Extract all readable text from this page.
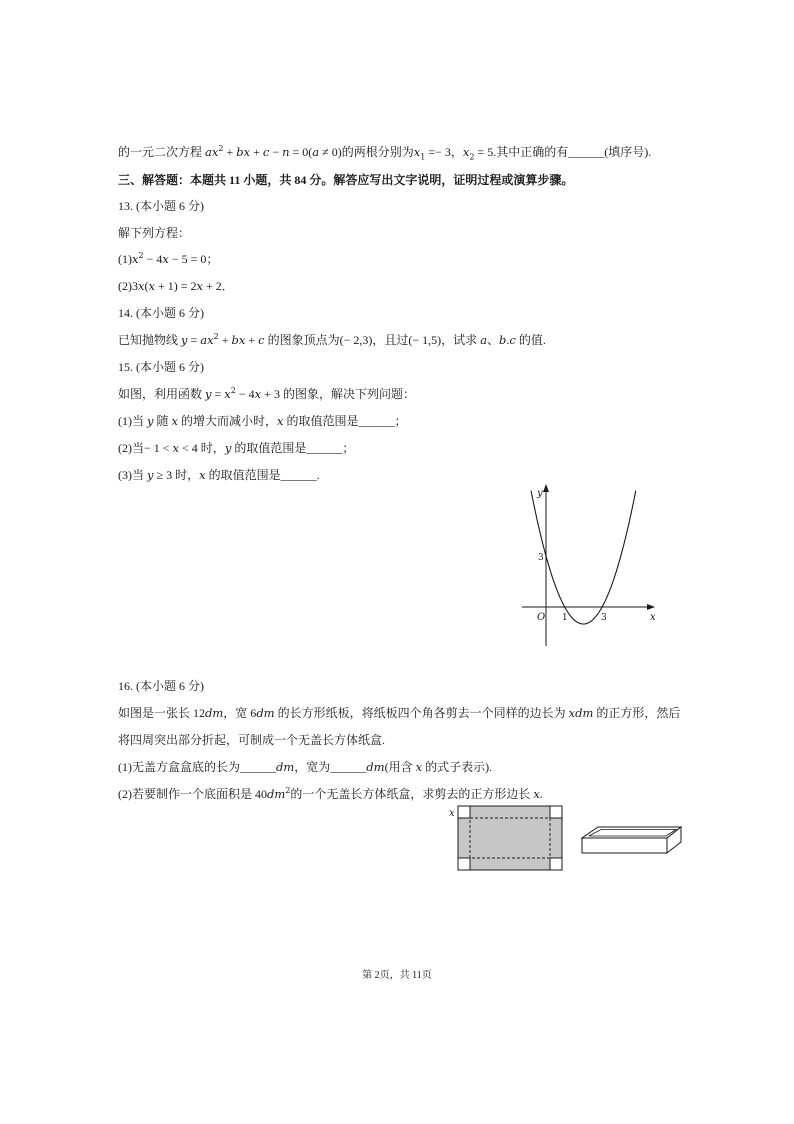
的一元二次方程 $ax^2$ + bx + c − n = 0(a ≠ 0)的两根分别为$x_1 =- 3$，$x_2 = 5$.其中正确的有______(填序号).
三、解答题：本题共 11 小题，共 84 分。解答应写出文字说明，证明过程或演算步骤。
13. (本小题 6 分)
解下列方程：
$(1)x^2 - 4x - 5 = 0$；
(2)3x(x + 1) = 2x + 2．
14. (本小题 6 分)
已知抛物线 $y = ax^2$ + bx + c 的图象顶点为(− 2,3)，且过(− 1,5)，试求 a、b.c 的值.
15. (本小题 6 分)
如图，利用函数 $y = x^2 - 4x + 3$ 的图象，解决下列问题：
(1)当 y 随 x 的增大而减小时，x 的取值范围是______；
(2)当− 1 < x < 4 时，y 的取值范围是______；
(3)当 y ≥ 3 时，x 的取值范围是______.
y
x
O 1	3
3
16. (本小题 6 分)
如图是一张长 12dm，宽 6dm 的长方形纸板，将纸板四个角各剪去一个同样的边长为 xdm 的正方形，然后
将四周突出部分折起，可制成一个无盖长方体纸盒.
(1)无盖方盒盒底的长为______dm，宽为______dm(用含 x 的式子表示).
(2)若要制作一个底面积是 $40dm^2$的一个无盖长方体纸盒，求剪去的正方形边长 x.
x
第 2页，共 11页
